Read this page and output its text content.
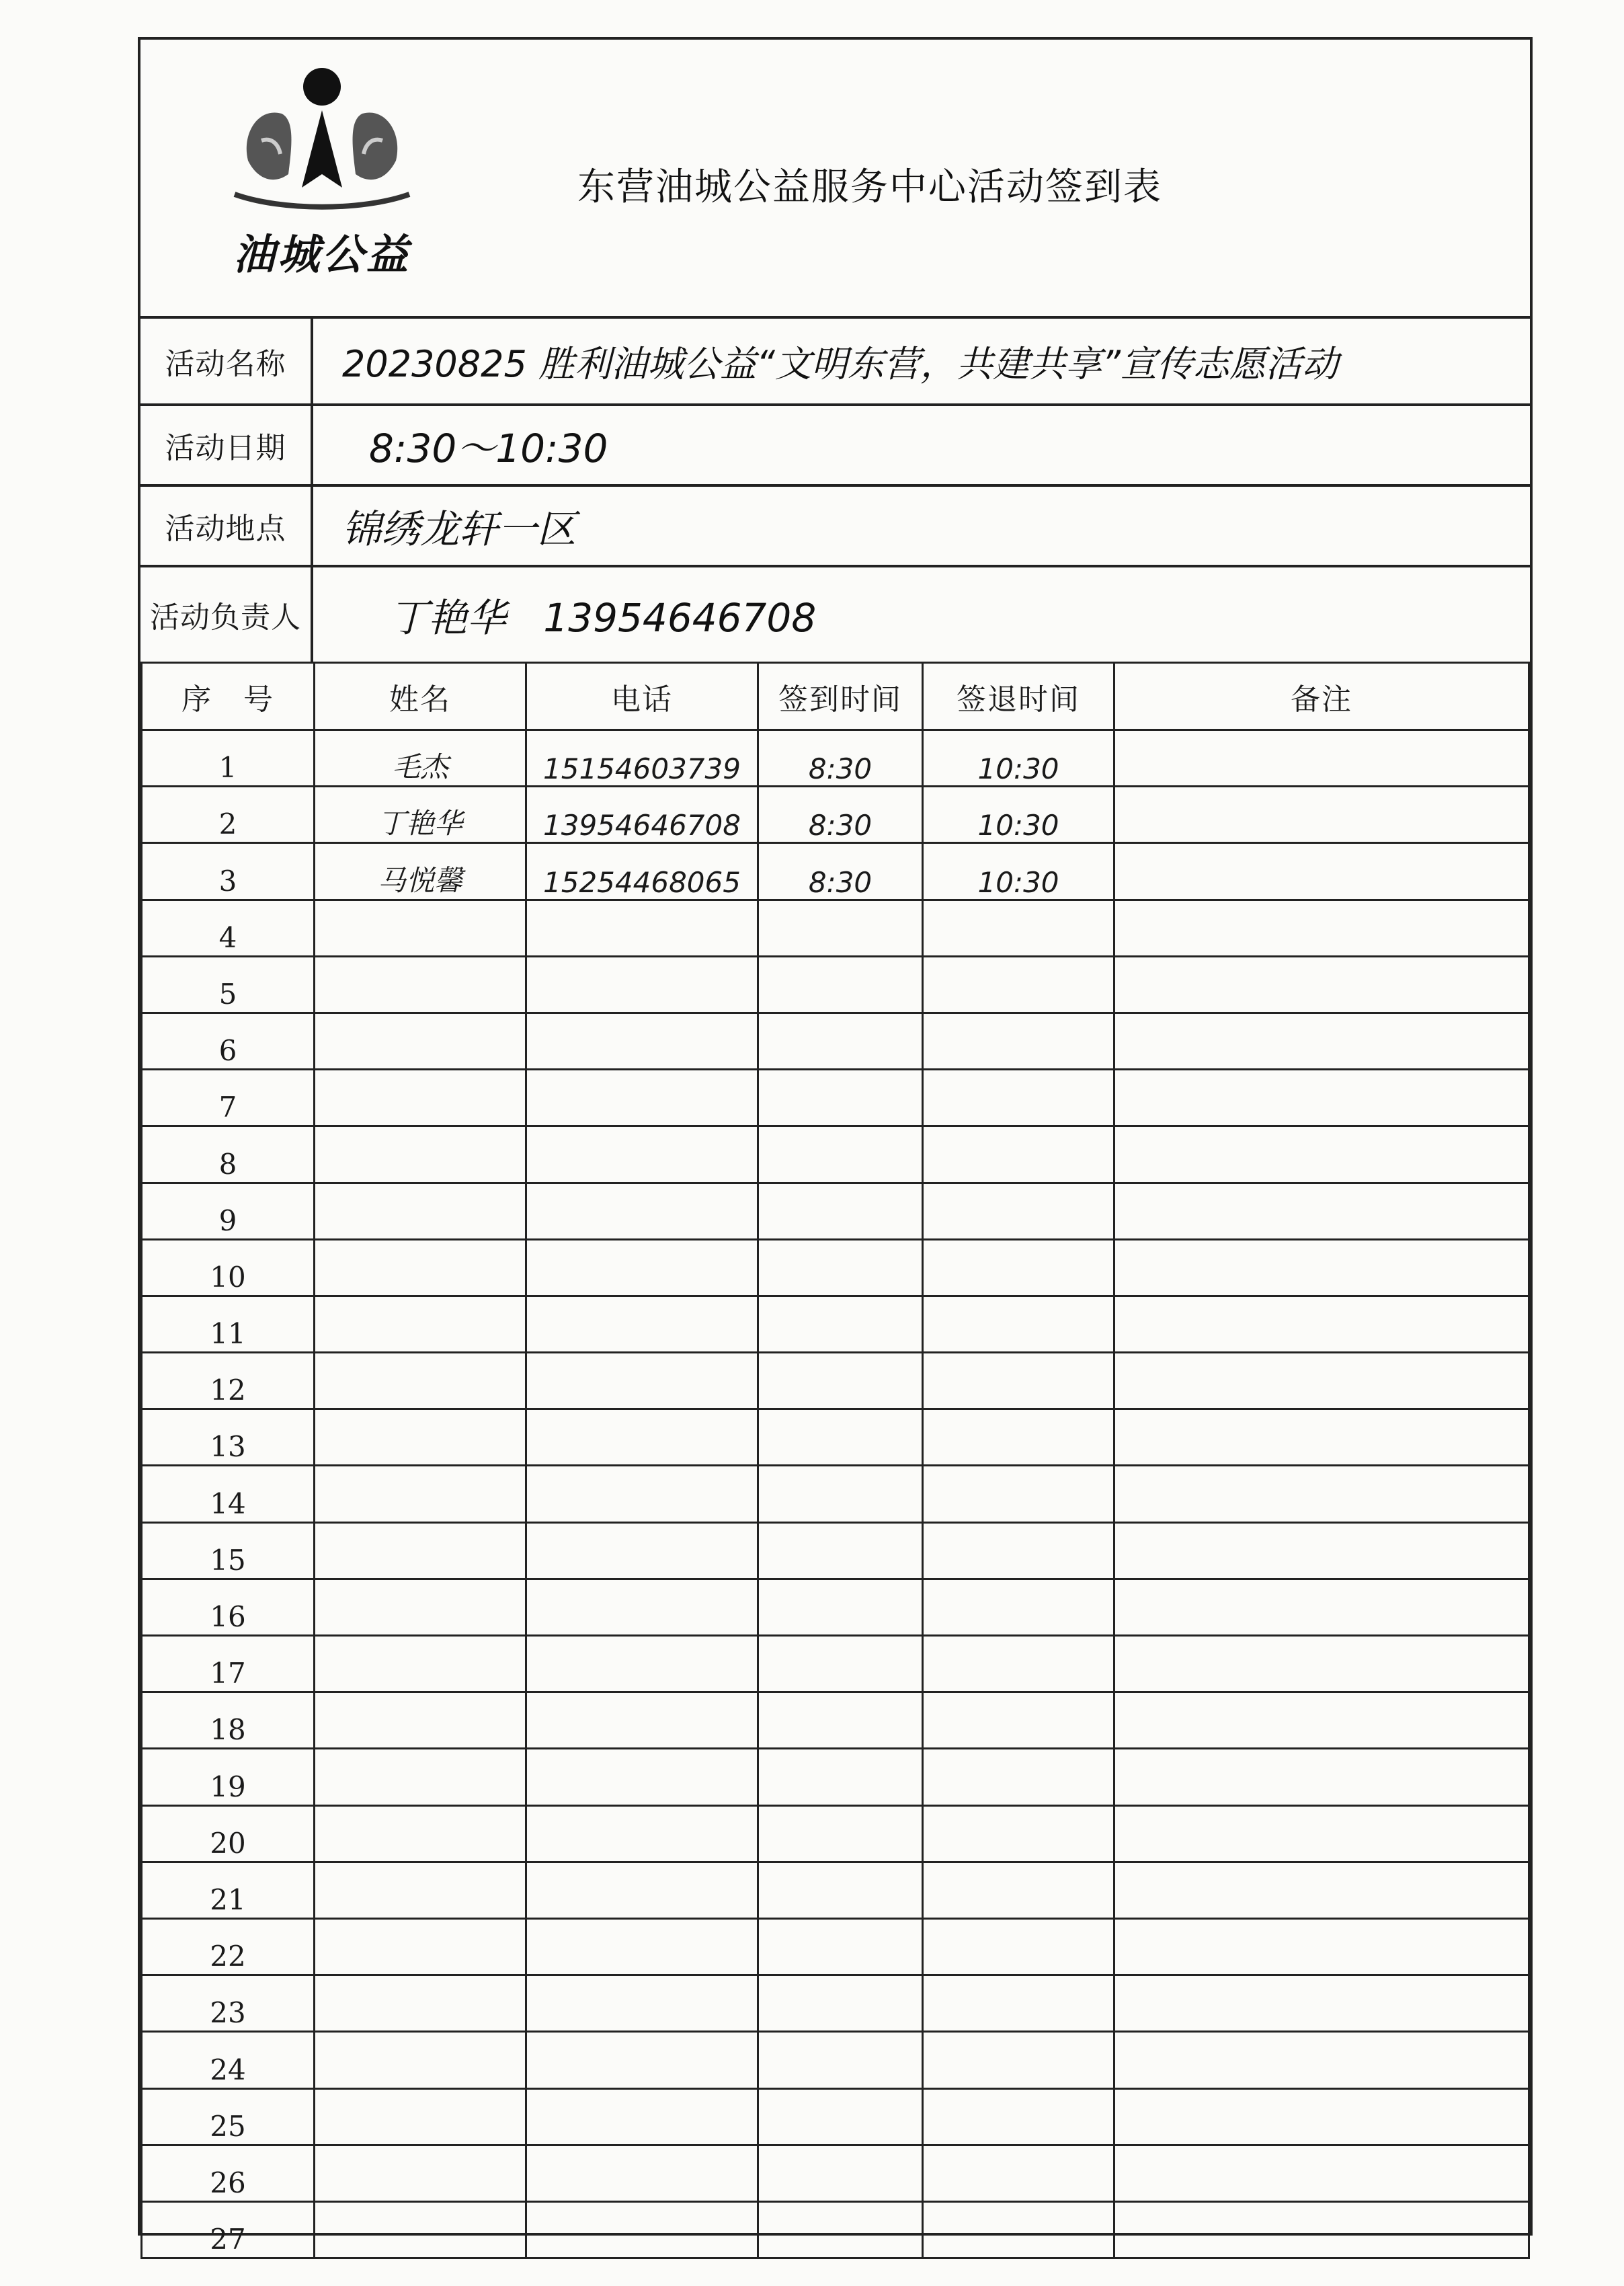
油城公益
东营油城公益服务中心活动签到表
活动名称	20230825 胜利油城公益“文明东营，共建共享”宣传志愿活动
活动日期	8:30～10:30
活动地点	锦绣龙轩一区
活动负责人	丁艳华   13954646708
序　号	姓名	电话	签到时间	签退时间	备注
1	毛杰	15154603739	8:30	10:30	
2	丁艳华	13954646708	8:30	10:30	
3	马悦馨	15254468065	8:30	10:30	
4					
5					
6					
7					
8					
9					
10					
11					
12					
13					
14					
15					
16					
17					
18					
19					
20					
21					
22					
23					
24					
25					
26					
27					
